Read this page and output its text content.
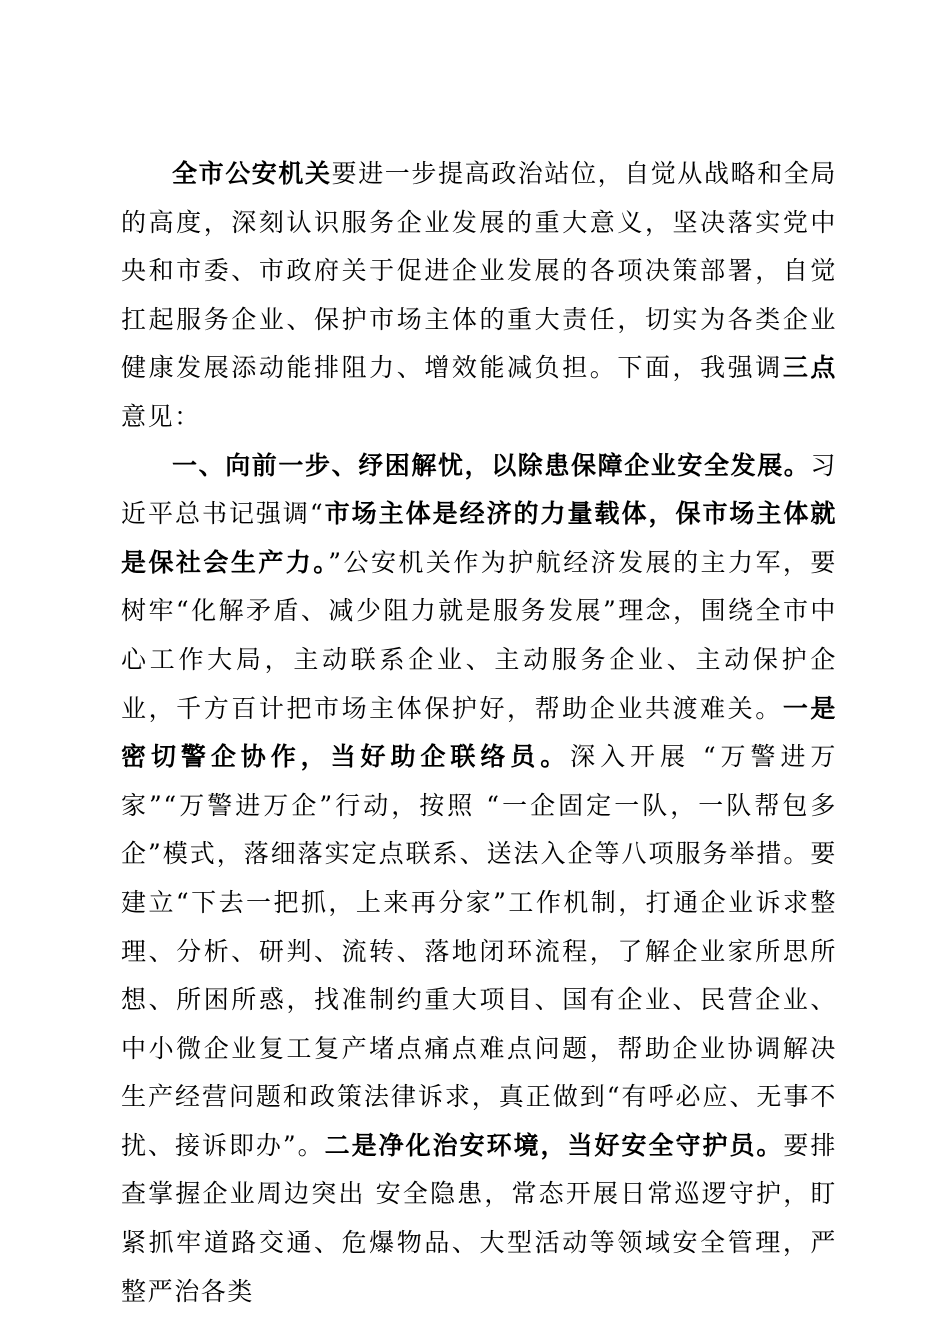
全市公安机关要进一步提高政治站位，自觉从战略和全局的高度，深刻认识服务企业发展的重大意义，坚决落实党中央和市委、市政府关于促进企业发展的各项决策部署，自觉扛起服务企业、保护市场主体的重大责任，切实为各类企业健康发展添动能排阻力、增效能减负担。下面，我强调三点意见：

一、向前一步、纾困解忧，以除患保障企业安全发展。习近平总书记强调“市场主体是经济的力量载体，保市场主体就是保社会生产力。”公安机关作为护航经济发展的主力军，要树牢“化解矛盾、减少阻力就是服务发展”理念，围绕全市中心工作大局，主动联系企业、主动服务企业、主动保护企业，千方百计把市场主体保护好，帮助企业共渡难关。一是密切警企协作，当好助企联络员。深入开展 “万警进万家”“万警进万企”行动，按照 “一企固定一队，一队帮包多企”模式，落细落实定点联系、送法入企等八项服务举措。要建立“下去一把抓，上来再分家”工作机制，打通企业诉求整理、分析、研判、流转、落地闭环流程，了解企业家所思所想、所困所惑，找准制约重大项目、国有企业、民营企业、中小微企业复工复产堵点痛点难点问题，帮助企业协调解决生产经营问题和政策法律诉求，真正做到“有呼必应、无事不扰、接诉即办”。二是净化治安环境，当好安全守护员。要排查掌握企业周边突出 安全隐患，常态开展日常巡逻守护，盯紧抓牢道路交通、危爆物品、大型活动等领域安全管理，严整严治各类
